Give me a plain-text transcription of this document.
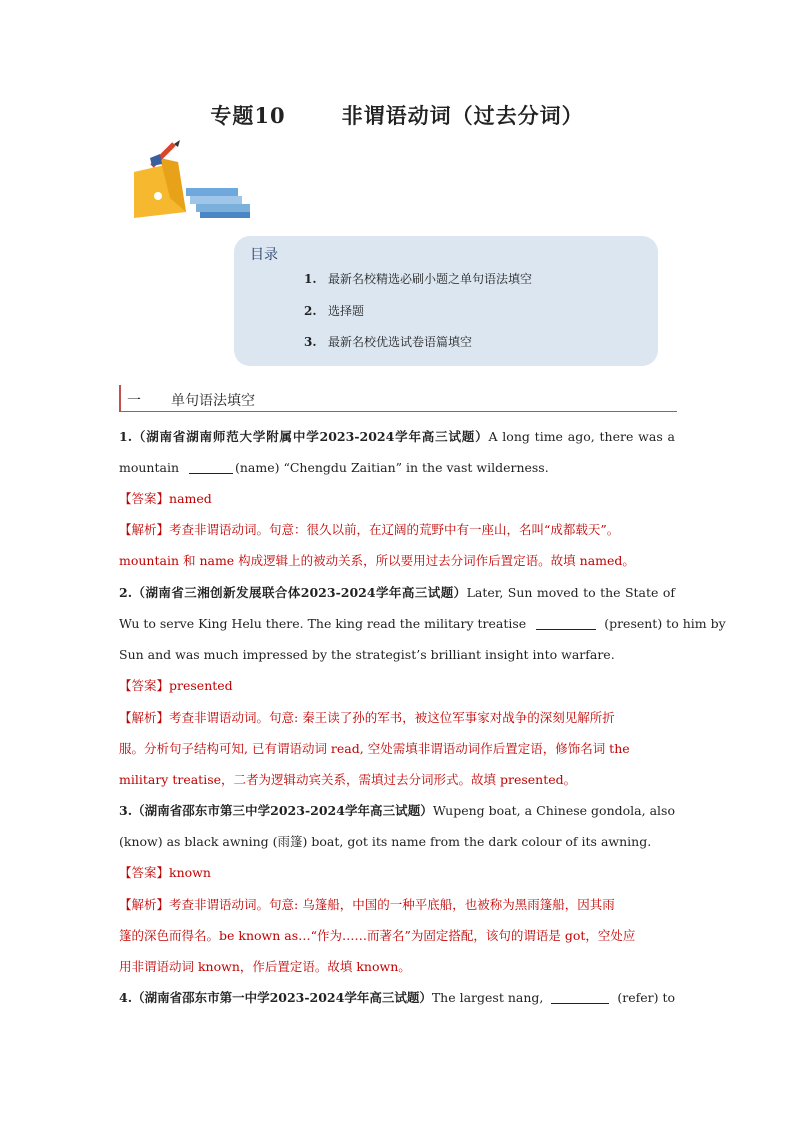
专题10	非谓语动词（过去分词）
目录
1. 最新名校精选必刷小题之单句语法填空
2. 选择题
3. 最新名校优选试卷语篇填空
一 单句语法填空
1.（湖南省湖南师范大学附属中学2023-2024学年高三试题）A long time ago, there was a
mountain	(name) “Chengdu Zaitian” in the vast wilderness.
【答案】named
【解析】考查非谓语动词。句意：很久以前，在辽阔的荒野中有一座山，名叫“成都载天”。
mountain 和 name 构成逻辑上的被动关系，所以要用过去分词作后置定语。故填 named。
2.（湖南省三湘创新发展联合体2023-2024学年高三试题）Later, Sun moved to the State of
Wu to serve King Helu there. The king read the military treatise	(present) to him by
Sun and was much impressed by the strategist’s brilliant insight into warfare.
【答案】presented
【解析】考查非谓语动词。句意: 秦王读了孙的军书，被这位军事家对战争的深刻见解所折
服。分析句子结构可知, 已有谓语动词 read, 空处需填非谓语动词作后置定语，修饰名词 the
military treatise，二者为逻辑动宾关系，需填过去分词形式。故填 presented。
3.（湖南省邵东市第三中学2023-2024学年高三试题）Wupeng boat, a Chinese gondola, also
(know) as black awning (雨篷) boat, got its name from the dark colour of its awning.
【答案】known
【解析】考查非谓语动词。句意: 乌篷船，中国的一种平底船，也被称为黑雨篷船，因其雨
篷的深色而得名。be known as…“作为……而著名”为固定搭配，该句的谓语是 got，空处应
用非谓语动词 known，作后置定语。故填 known。
4.（湖南省邵东市第一中学2023-2024学年高三试题）The largest nang,	(refer) to
